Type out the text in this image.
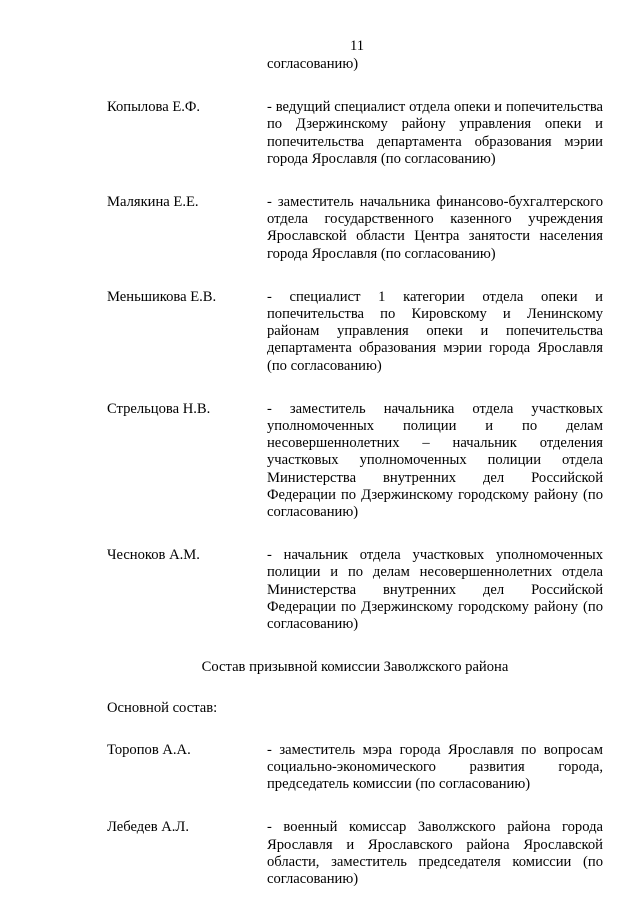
11
согласованию)
Копылова Е.Ф.	- ведущий специалист отдела опеки и попечительства по Дзержинскому району управления опеки и попечительства департамента образования мэрии города Ярославля (по согласованию)
Малякина Е.Е.	- заместитель начальника финансово-бухгалтерского отдела государственного казенного учреждения Ярославской области Центра занятости населения города Ярославля (по согласованию)
Меньшикова Е.В.	- специалист 1 категории отдела опеки и попечительства по Кировскому и Ленинскому районам управления опеки и попечительства департамента образования мэрии города Ярославля (по согласованию)
Стрельцова Н.В.	- заместитель начальника отдела участковых уполномоченных полиции и по делам несовершеннолетних – начальник отделения участковых уполномоченных полиции отдела Министерства внутренних дел Российской Федерации по Дзержинскому городскому району (по согласованию)
Чесноков А.М.	- начальник отдела участковых уполномоченных полиции и по делам несовершеннолетних отдела Министерства внутренних дел Российской Федерации по Дзержинскому городскому району (по согласованию)
Состав призывной комиссии Заволжского района
Основной состав:
Торопов А.А.	- заместитель мэра города Ярославля по вопросам социально-экономического развития города, председатель комиссии (по согласованию)
Лебедев А.Л.	- военный комиссар Заволжского района города Ярославля и Ярославского района Ярославской области, заместитель председателя комиссии (по согласованию)
